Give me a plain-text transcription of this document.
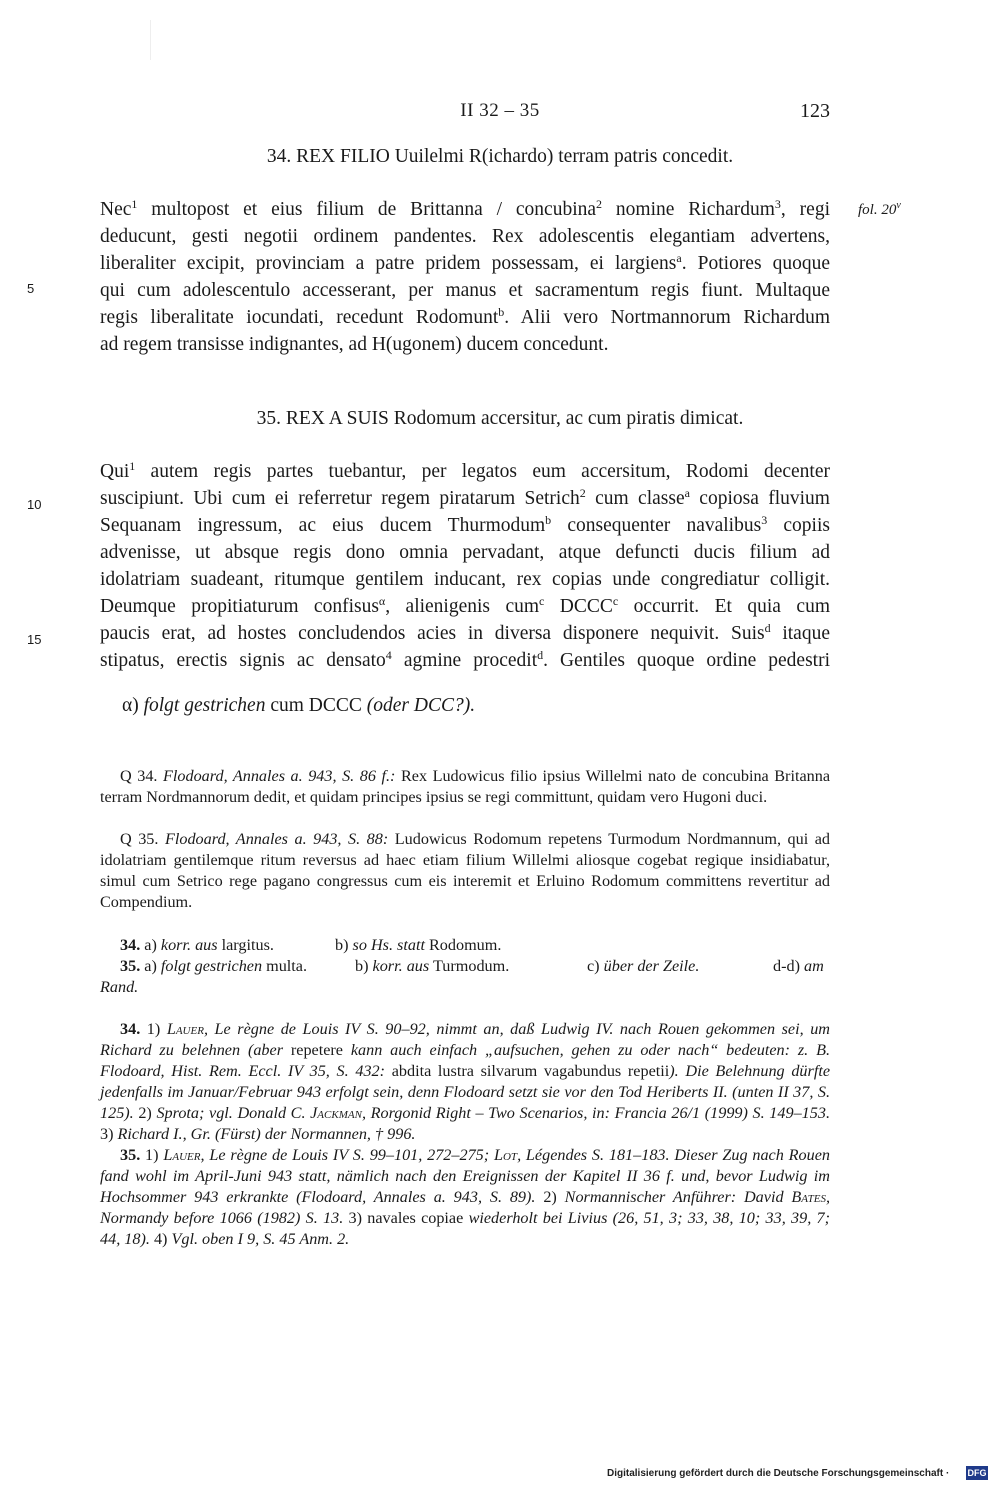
II 32 – 35	123
34. REX FILIO Uuilelmi R(ichardo) terram patris concedit.
fol. 20$^v$
Nec$^1$ multopost et eius filium de Brittanna / concubina$^2$ nomine Richardum$^3$, regi
deducunt, gesti negotii ordinem pandentes. Rex adolescentis elegantiam advertens,
liberaliter excipit, provinciam a patre pridem possessam, ei largiens$^a$. Potiores quoque
qui cum adolescentulo accesserant, per manus et sacramentum regis fiunt. Multaque
regis liberalitate iocundati, recedunt Rodomunt$^b$. Alii vero Nortmannorum Richardum
ad regem transisse indignantes, ad H(ugonem) ducem concedunt.
5
35. REX A SUIS Rodomum accersitur, ac cum piratis dimicat.
Qui$^1$ autem regis partes tuebantur, per legatos eum accersitum, Rodomi decenter
suscipiunt. Ubi cum ei referretur regem piratarum Setrich$^2$ cum classe$^a$ copiosa fluvium
Sequanam ingressum, ac eius ducem Thurmodum$^b$ consequenter navalibus$^3$ copiis
advenisse, ut absque regis dono omnia pervadant, atque defuncti ducis filium ad
idolatriam suadeant, ritumque gentilem inducant, rex copias unde congrediatur colligit.
Deumque propitiaturum confisus$^\alpha$, alienigenis cum$^c$ DCCC$^c$ occurrit. Et quia cum
paucis erat, ad hostes concludendos acies in diversa disponere nequivit. Suis$^d$ itaque
stipatus, erectis signis ac densato$^4$ agmine procedit$^d$. Gentiles quoque ordine pedestri
10
15
α) folgt gestrichen cum DCCC (oder DCC?).

Q 34. Flodoard, Annales a. 943, S. 86 f.: Rex Ludowicus filio ipsius Willelmi nato de concubina Britanna terram Nordmannorum dedit, et quidam principes ipsius se regi committunt, quidam vero Hugoni duci.

Q 35. Flodoard, Annales a. 943, S. 88: Ludowicus Rodomum repetens Turmodum Nordmannum, qui ad idolatriam gentilemque ritum reversus ad haec etiam filium Willelmi aliosque cogebat regique insidiabatur, simul cum Setrico rege pagano congressus cum eis interemit et Erluino Rodomum committens revertitur ad Compendium.

34. a) korr. aus largitus.	b) so Hs. statt Rodomum.
35. a) folgt gestrichen multa.	b) korr. aus Turmodum.	c) über der Zeile.	d-d) am
Rand.

34. 1) Lauer, Le règne de Louis IV S. 90–92, nimmt an, daß Ludwig IV. nach Rouen gekommen sei, um Richard zu belehnen (aber repetere kann auch einfach „aufsuchen, gehen zu oder nach“ bedeuten: z. B. Flodoard, Hist. Rem. Eccl. IV 35, S. 432: abdita lustra silvarum vagabundus repetii). Die Belehnung dürfte jedenfalls im Januar/Februar 943 erfolgt sein, denn Flodoard setzt sie vor den Tod Heriberts II. (unten II 37, S. 125). 2) Sprota; vgl. Donald C. Jackman, Rorgonid Right – Two Scenarios, in: Francia 26/1 (1999) S. 149–153. 3) Richard I., Gr. (Fürst) der Normannen, † 996.

35. 1) Lauer, Le règne de Louis IV S. 99–101, 272–275; Lot, Légendes S. 181–183. Dieser Zug nach Rouen fand wohl im April-Juni 943 statt, nämlich nach den Ereignissen der Kapitel II 36 f. und, bevor Ludwig im Hochsommer 943 erkrankte (Flodoard, Annales a. 943, S. 89). 2) Normannischer Anführer: David Bates, Normandy before 1066 (1982) S. 13. 3) navales copiae wiederholt bei Livius (26, 51, 3; 33, 38, 10; 33, 39, 7; 44, 18). 4) Vgl. oben I 9, S. 45 Anm. 2.

Digitalisierung gefördert durch die Deutsche Forschungsgemeinschaft · DFG
